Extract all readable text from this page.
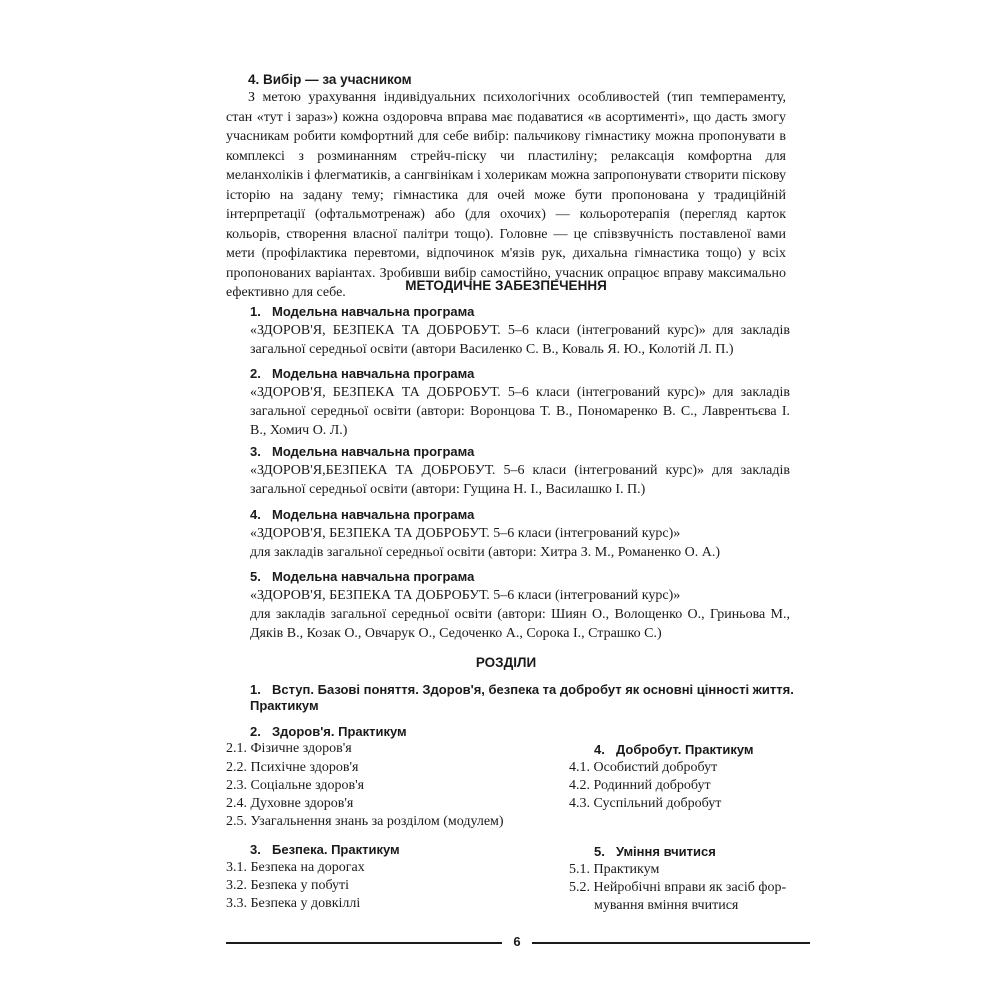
4. Вибір — за учасником

З метою урахування індивідуальних психологічних особливостей (тип темпераменту, стан «тут і зараз») кожна оздоровча вправа має подаватися «в асортименті», що дасть змогу учасникам робити комфортний для себе вибір: пальчикову гімнастику можна пропонувати в комплексі з розминанням стрейч-піску чи пластиліну; релаксація комфортна для меланхоліків і флегматиків, а сангвінікам і холерикам можна запропонувати створити піскову історію на задану тему; гімнастика для очей може бути пропонована у традиційній інтерпретації (офтальмотренаж) або (для охочих) — кольоротерапія (перегляд карток кольорів, створення власної палітри тощо). Головне — це співзвучність поставленої вами мети (профілактика перевтоми, відпочинок м'язів рук, дихальна гімнастика тощо) у всіх пропонованих варіантах. Зробивши вибір самостійно, учасник опрацює вправу максимально ефективно для себе.	МЕТОДИЧНЕ ЗАБЕЗПЕЧЕННЯ
1. Модельна навчальна програма
«ЗДОРОВ'Я, БЕЗПЕКА ТА ДОБРОБУТ. 5–6 класи (інтегрований курс)» для закладів загальної середньої освіти (автори Василенко С. В., Коваль Я. Ю., Колотій Л. П.)
2. Модельна навчальна програма
«ЗДОРОВ'Я, БЕЗПЕКА ТА ДОБРОБУТ. 5–6 класи (інтегрований курс)» для закладів загальної середньої освіти (автори: Воронцова Т. В., Пономаренко В. С., Лаврентьєва І. В., Хомич О. Л.)
3. Модельна навчальна програма
«ЗДОРОВ'Я,БЕЗПЕКА ТА ДОБРОБУТ. 5–6 класи (інтегрований курс)» для закладів загальної середньої освіти (автори: Гущина Н. І., Василашко І. П.)
4. Модельна навчальна програма
«ЗДОРОВ'Я, БЕЗПЕКА ТА ДОБРОБУТ. 5–6 класи (інтегрований курс)»
для закладів загальної середньої освіти (автори: Хитра З. М., Романенко О. А.)
5. Модельна навчальна програма
«ЗДОРОВ'Я, БЕЗПЕКА ТА ДОБРОБУТ. 5–6 класи (інтегрований курс)»
для закладів загальної середньої освіти (автори: Шиян О., Волощенко О., Гриньова М., Дяків В., Козак О., Овчарук О., Седоченко А., Сорока І., Страшко С.)
РОЗДІЛИ
1. Вступ. Базові поняття. Здоров'я, безпека та добробут як основні цінності життя.
Практикум
2. Здоров'я. Практикум
2.1. Фізичне здоров'я
2.2. Психічне здоров'я
2.3. Соціальне здоров'я
2.4. Духовне здоров'я
2.5. Узагальнення знань за розділом (модулем)
3. Безпека. Практикум
3.1. Безпека на дорогах
3.2. Безпека у побуті
3.3. Безпека у довкіллі
4. Добробут. Практикум
4.1. Особистий добробут
4.2. Родинний добробут
4.3. Суспільний добробут
5. Уміння вчитися
5.1. Практикум
5.2. Нейробічні вправи як засіб фор-
мування вміння вчитися
6
